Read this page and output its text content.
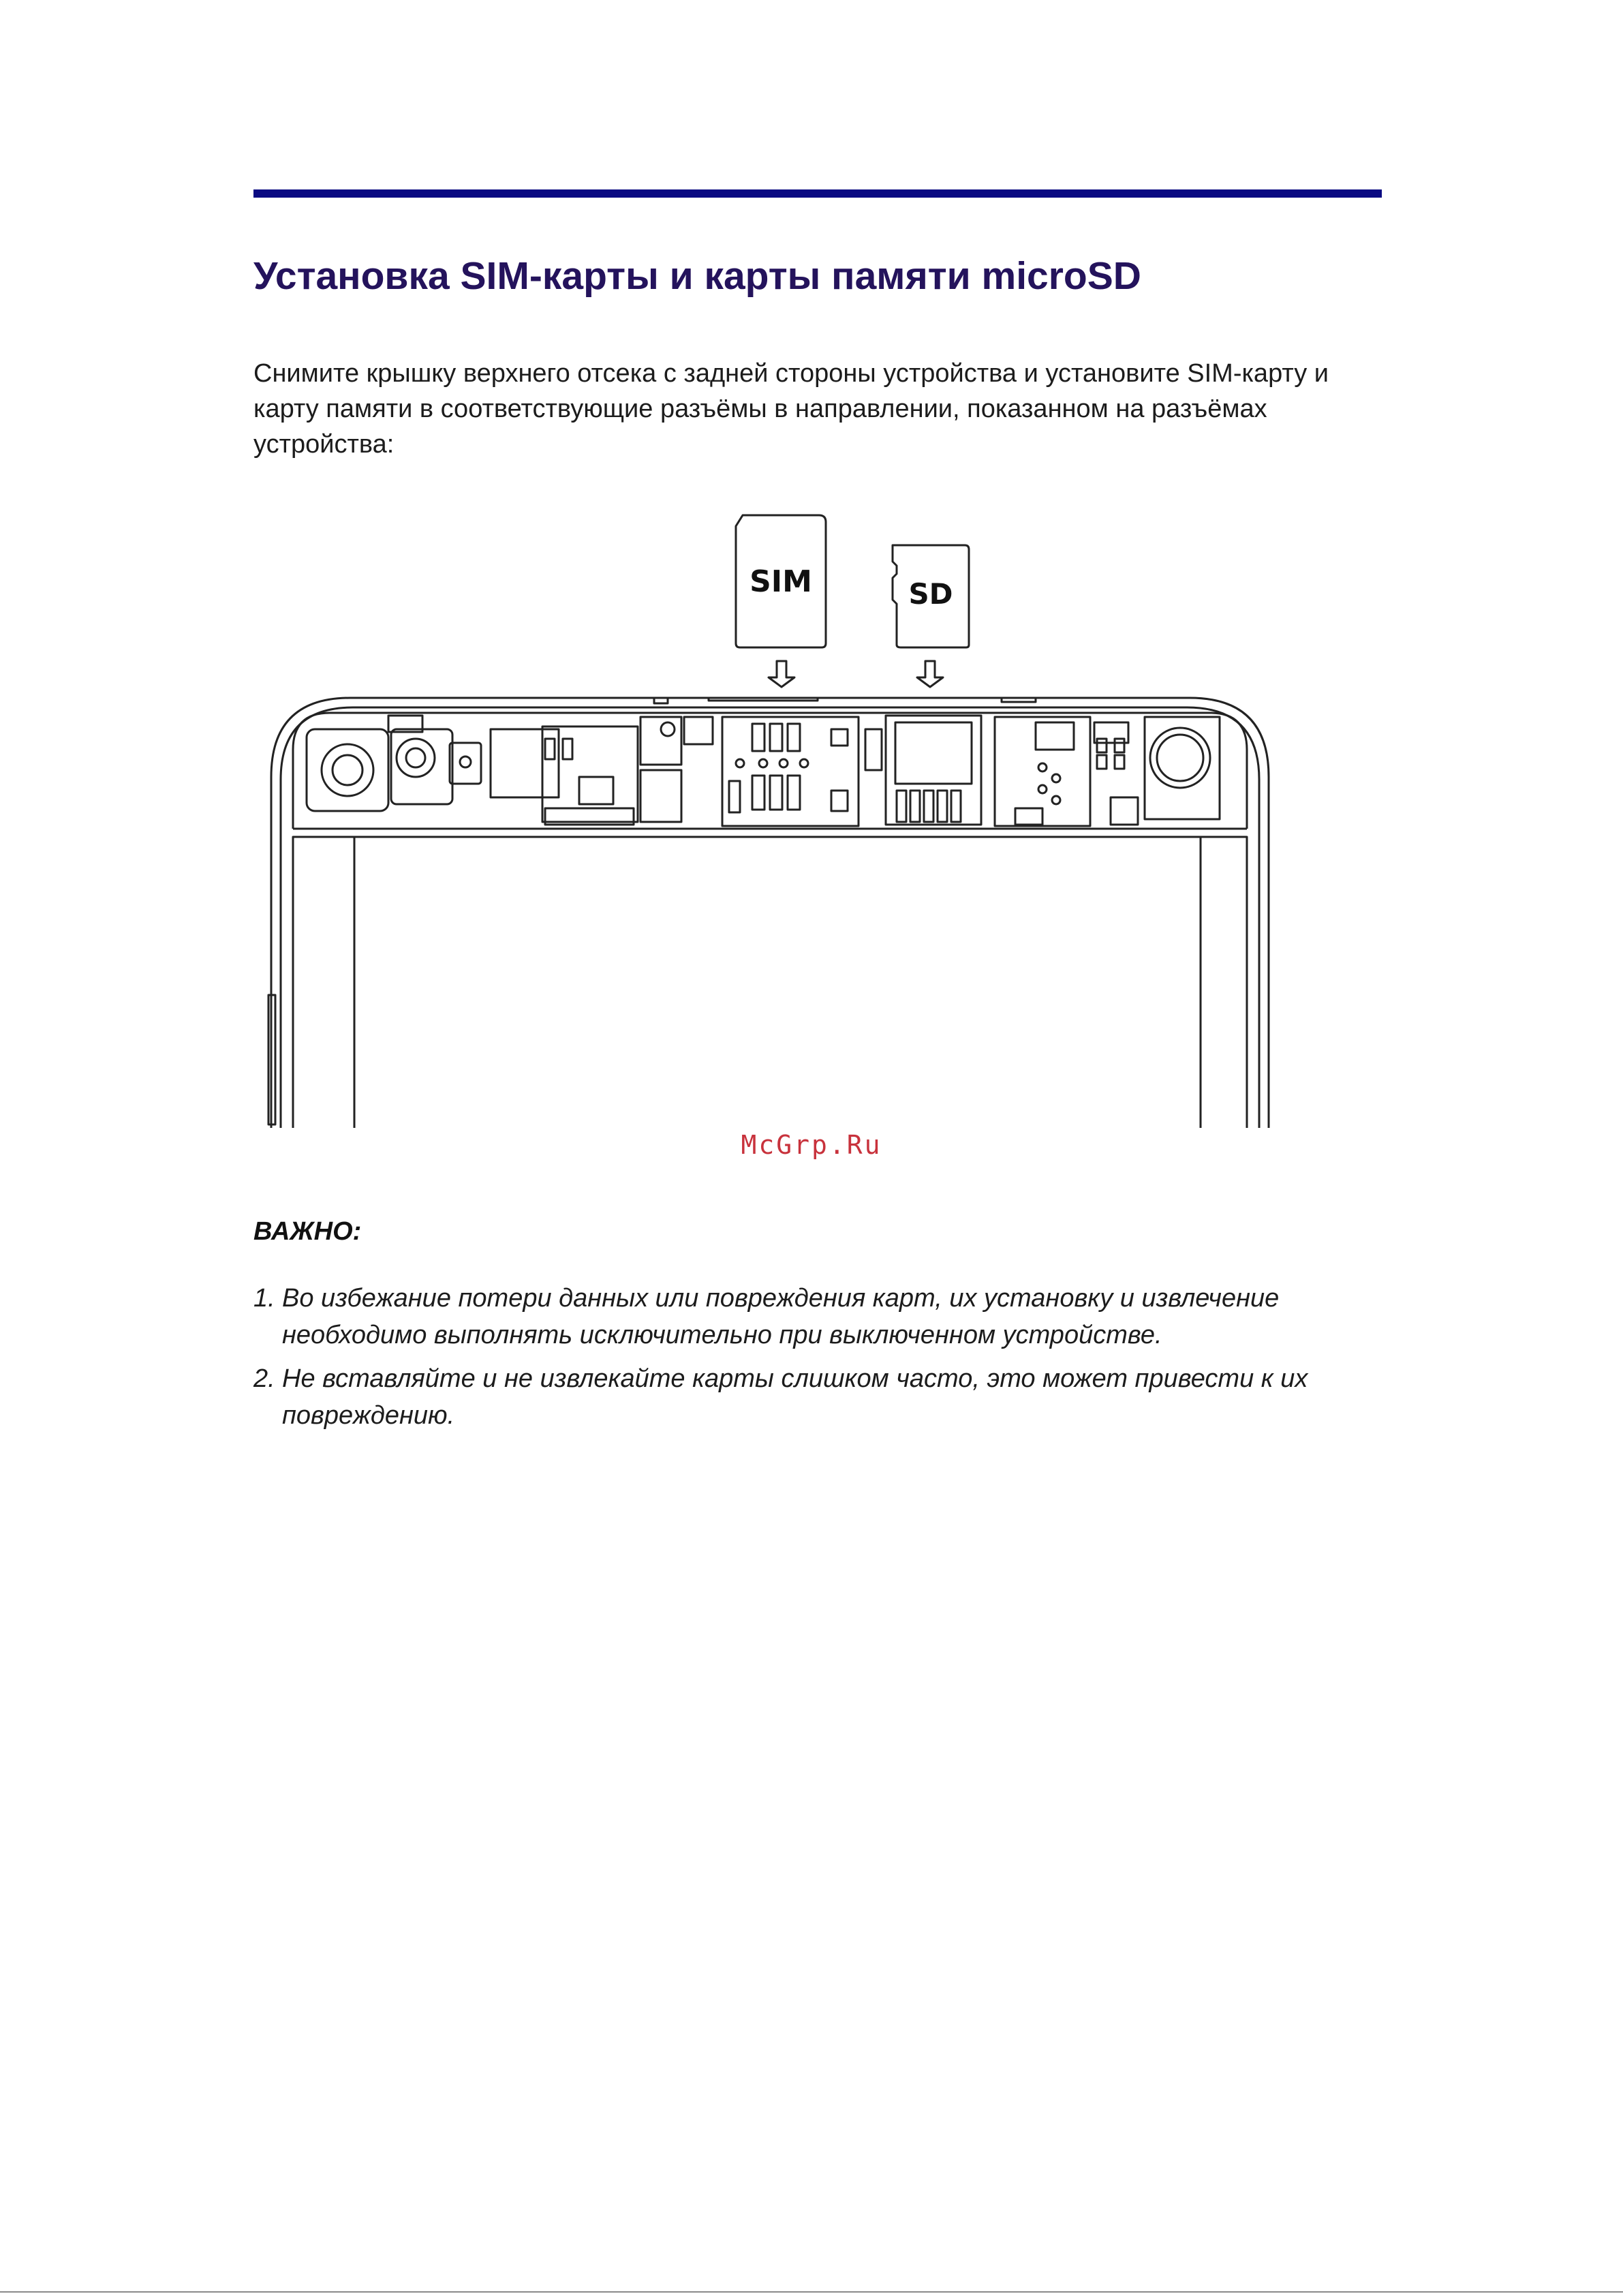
Установка SIM-карты и карты памяти microSD

Снимите крышку верхнего отсека с задней стороны устройства и установите SIM-карту и карту памяти в соответствующие разъёмы в направлении, показанном на разъёмах устройства:

SIM	SD
McGrp.Ru

ВАЖНО:

1. Во избежание потери данных или повреждения карт, их установку и извлечение необходимо выполнять исключительно при выключенном устройстве.
2. Не вставляйте и не извлекайте карты слишком часто, это может привести к их повреждению.
